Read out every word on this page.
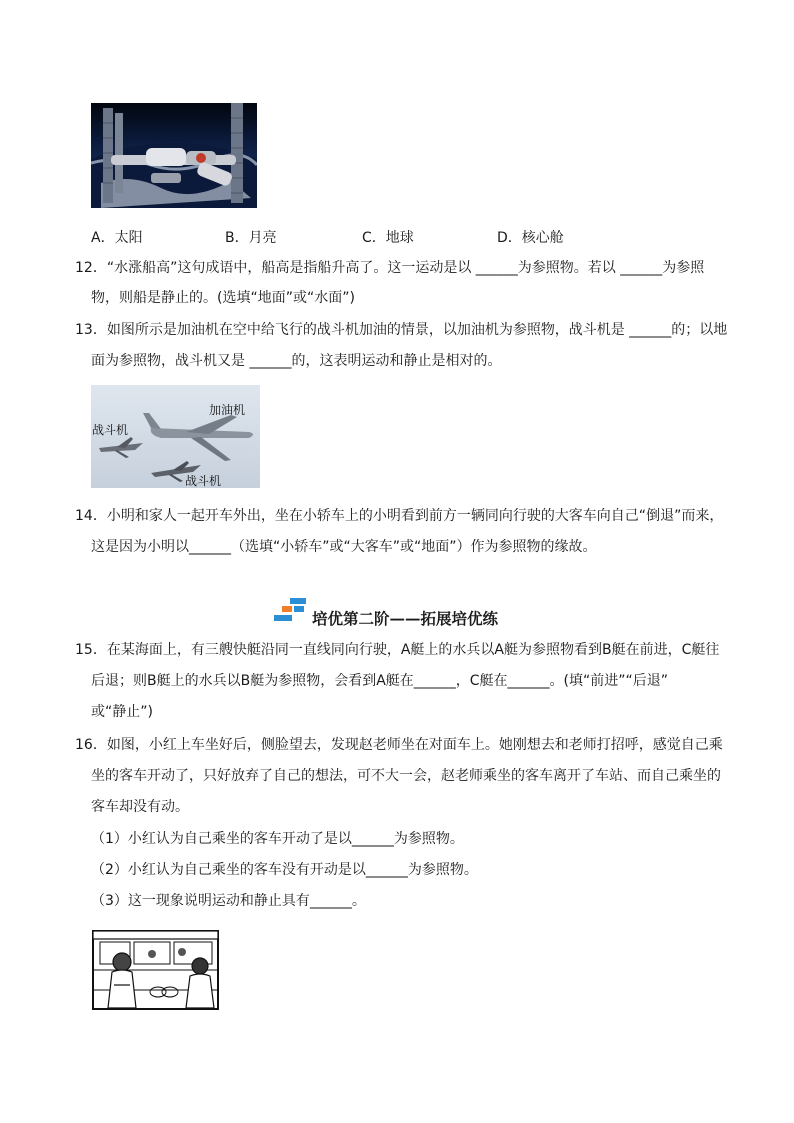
A．太阳	B．月亮	C．地球	D．核心舱
12．“水涨船高”这句成语中，船高是指船升高了。这一运动是以 ______为参照物。若以 ______为参照
物，则船是静止的。(选填“地面”或“水面”)
13．如图所示是加油机在空中给飞行的战斗机加油的情景，以加油机为参照物，战斗机是 ______的；以地
面为参照物，战斗机又是 ______的，这表明运动和静止是相对的。
加油机
战斗机
战斗机
14．小明和家人一起开车外出，坐在小轿车上的小明看到前方一辆同向行驶的大客车向自己“倒退”而来，
这是因为小明以______（选填“小轿车”或“大客车”或“地面”）作为参照物的缘故。
培优第二阶——拓展培优练
15．在某海面上，有三艘快艇沿同一直线同向行驶，A艇上的水兵以A艇为参照物看到B艇在前进，C艇往
后退；则B艇上的水兵以B艇为参照物，会看到A艇在______，C艇在______。(填“前进”“后退”
或“静止”)
16．如图，小红上车坐好后，侧脸望去，发现赵老师坐在对面车上。她刚想去和老师打招呼，感觉自己乘
坐的客车开动了，只好放弃了自己的想法，可不大一会，赵老师乘坐的客车离开了车站、而自己乘坐的
客车却没有动。
（1）小红认为自己乘坐的客车开动了是以______为参照物。
（2）小红认为自己乘坐的客车没有开动是以______为参照物。
（3）这一现象说明运动和静止具有______。
